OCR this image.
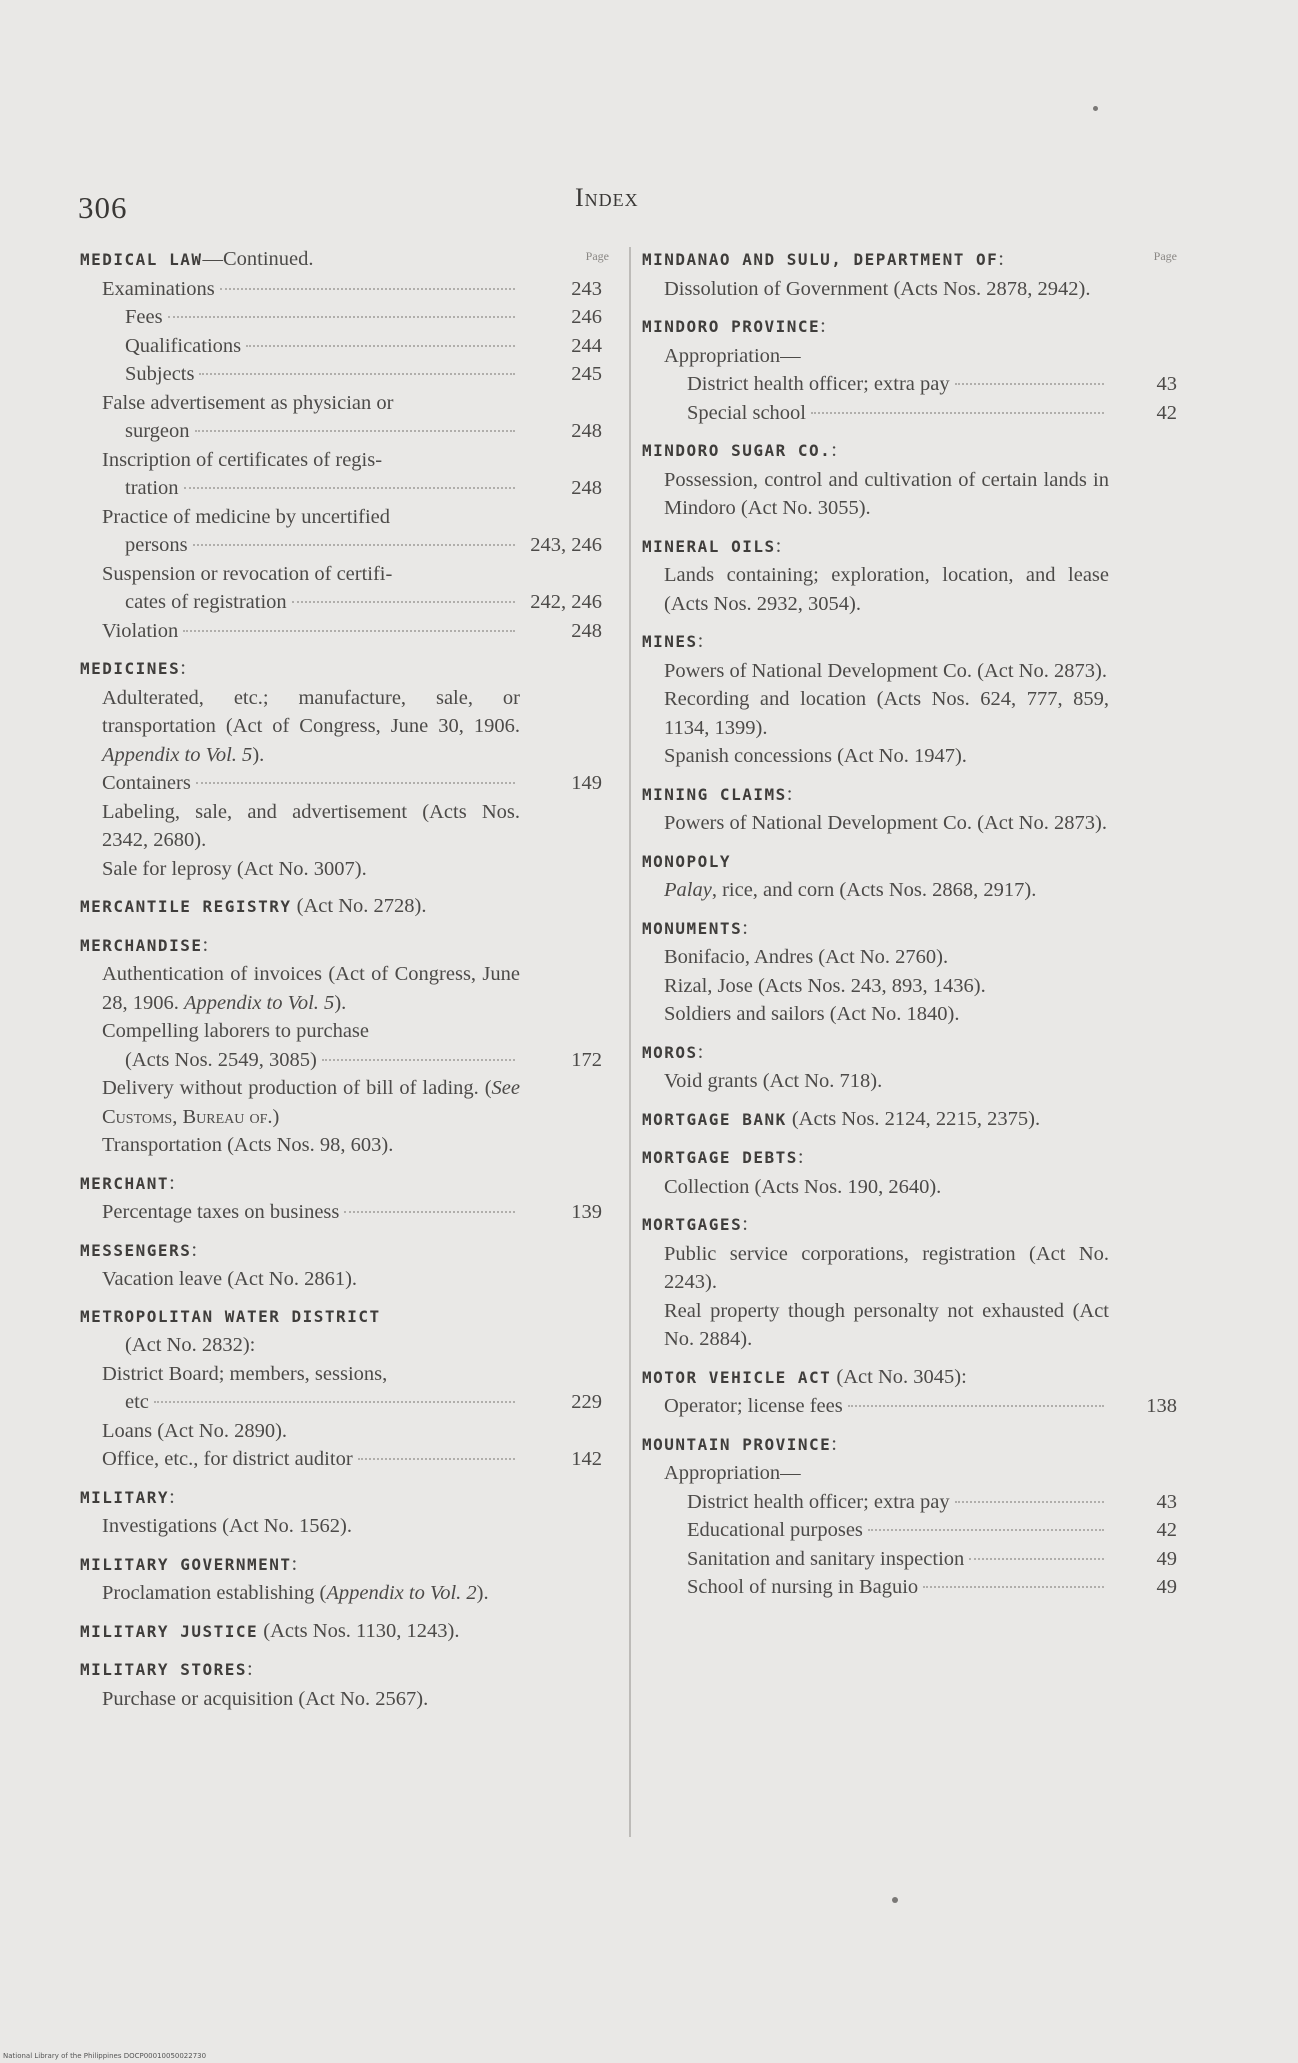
306	Index
Page
MEDICAL LAW—Continued.
Examinations	243
Fees	246
Qualifications	244
Subjects	245
False advertisement as physician or
surgeon	248
Inscription of certificates of regis-
tration	248
Practice of medicine by uncertified
persons	243, 246
Suspension or revocation of certifi-
cates of registration	242, 246
Violation	248
MEDICINES:
Adulterated, etc.; manufacture, sale, or transportation (Act of Congress, June 30, 1906. Appendix to Vol. 5).
Containers	149
Labeling, sale, and advertisement (Acts Nos. 2342, 2680).
Sale for leprosy (Act No. 3007).
MERCANTILE REGISTRY (Act No. 2728).
MERCHANDISE:
Authentication of invoices (Act of Congress, June 28, 1906. Appendix to Vol. 5).
Compelling laborers to purchase
(Acts Nos. 2549, 3085)	172
Delivery without production of bill of lading. (See Customs, Bureau of.)
Transportation (Acts Nos. 98, 603).
MERCHANT:
Percentage taxes on business	139
MESSENGERS:
Vacation leave (Act No. 2861).
METROPOLITAN WATER DISTRICT
(Act No. 2832):
District Board; members, sessions,
etc	229
Loans (Act No. 2890).
Office, etc., for district auditor	142
MILITARY:
Investigations (Act No. 1562).
MILITARY GOVERNMENT:
Proclamation establishing (Appendix to Vol. 2).
MILITARY JUSTICE (Acts Nos. 1130, 1243).
MILITARY STORES:
Purchase or acquisition (Act No. 2567).
Page
MINDANAO AND SULU, DEPARTMENT OF:
Dissolution of Government (Acts Nos. 2878, 2942).
MINDORO PROVINCE:
Appropriation—
District health officer; extra pay	43
Special school	42
MINDORO SUGAR CO.:
Possession, control and cultivation of certain lands in Mindoro (Act No. 3055).
MINERAL OILS:
Lands containing; exploration, location, and lease (Acts Nos. 2932, 3054).
MINES:
Powers of National Development Co. (Act No. 2873).
Recording and location (Acts Nos. 624, 777, 859, 1134, 1399).
Spanish concessions (Act No. 1947).
MINING CLAIMS:
Powers of National Development Co. (Act No. 2873).
MONOPOLY
Palay, rice, and corn (Acts Nos. 2868, 2917).
MONUMENTS:
Bonifacio, Andres (Act No. 2760).
Rizal, Jose (Acts Nos. 243, 893, 1436).
Soldiers and sailors (Act No. 1840).
MOROS:
Void grants (Act No. 718).
MORTGAGE BANK (Acts Nos. 2124, 2215, 2375).
MORTGAGE DEBTS:
Collection (Acts Nos. 190, 2640).
MORTGAGES:
Public service corporations, registration (Act No. 2243).
Real property though personalty not exhausted (Act No. 2884).
MOTOR VEHICLE ACT (Act No. 3045):
Operator; license fees	138
MOUNTAIN PROVINCE:
Appropriation—
District health officer; extra pay	43
Educational purposes	42
Sanitation and sanitary inspection	49
School of nursing in Baguio	49
National Library of the Philippines DOCP00010050022730
